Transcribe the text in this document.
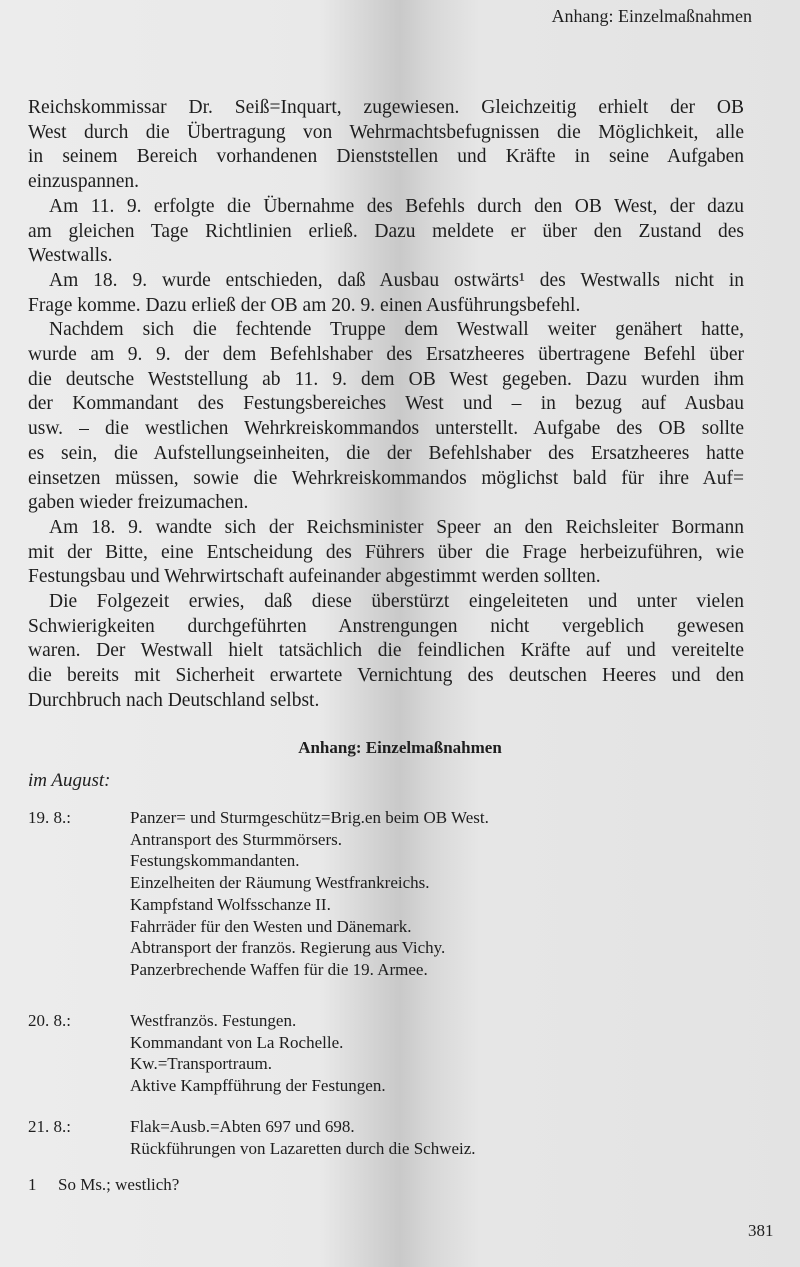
Anhang: Einzelmaßnahmen
Reichskommissar Dr. Seiß=Inquart, zugewiesen. Gleichzeitig erhielt der OB
West durch die Übertragung von Wehrmachtsbefugnissen die Möglichkeit, alle
in seinem Bereich vorhandenen Dienststellen und Kräfte in seine Aufgaben
einzuspannen.
Am 11. 9. erfolgte die Übernahme des Befehls durch den OB West, der dazu
am gleichen Tage Richtlinien erließ. Dazu meldete er über den Zustand des
Westwalls.
Am 18. 9. wurde entschieden, daß Ausbau ostwärts¹ des Westwalls nicht in
Frage komme. Dazu erließ der OB am 20. 9. einen Ausführungsbefehl.
Nachdem sich die fechtende Truppe dem Westwall weiter genähert hatte,
wurde am 9. 9. der dem Befehlshaber des Ersatzheeres übertragene Befehl über
die deutsche Weststellung ab 11. 9. dem OB West gegeben. Dazu wurden ihm
der Kommandant des Festungsbereiches West und – in bezug auf Ausbau
usw. – die westlichen Wehrkreiskommandos unterstellt. Aufgabe des OB sollte
es sein, die Aufstellungseinheiten, die der Befehlshaber des Ersatzheeres hatte
einsetzen müssen, sowie die Wehrkreiskommandos möglichst bald für ihre Auf=
gaben wieder freizumachen.
Am 18. 9. wandte sich der Reichsminister Speer an den Reichsleiter Bormann
mit der Bitte, eine Entscheidung des Führers über die Frage herbeizuführen, wie
Festungsbau und Wehrwirtschaft aufeinander abgestimmt werden sollten.
Die Folgezeit erwies, daß diese überstürzt eingeleiteten und unter vielen
Schwierigkeiten durchgeführten Anstrengungen nicht vergeblich gewesen
waren. Der Westwall hielt tatsächlich die feindlichen Kräfte auf und vereitelte
die bereits mit Sicherheit erwartete Vernichtung des deutschen Heeres und den
Durchbruch nach Deutschland selbst.
Anhang: Einzelmaßnahmen
im August:
19. 8.:	Panzer= und Sturmgeschütz=Brig.en beim OB West.
Antransport des Sturmmörsers.
Festungskommandanten.
Einzelheiten der Räumung Westfrankreichs.
Kampfstand Wolfsschanze II.
Fahrräder für den Westen und Dänemark.
Abtransport der französ. Regierung aus Vichy.
Panzerbrechende Waffen für die 19. Armee.
20. 8.:	Westfranzös. Festungen.
Kommandant von La Rochelle.
Kw.=Transportraum.
Aktive Kampfführung der Festungen.
21. 8.:	Flak=Ausb.=Abten 697 und 698.
Rückführungen von Lazaretten durch die Schweiz.
1 So Ms.; westlich?
381
